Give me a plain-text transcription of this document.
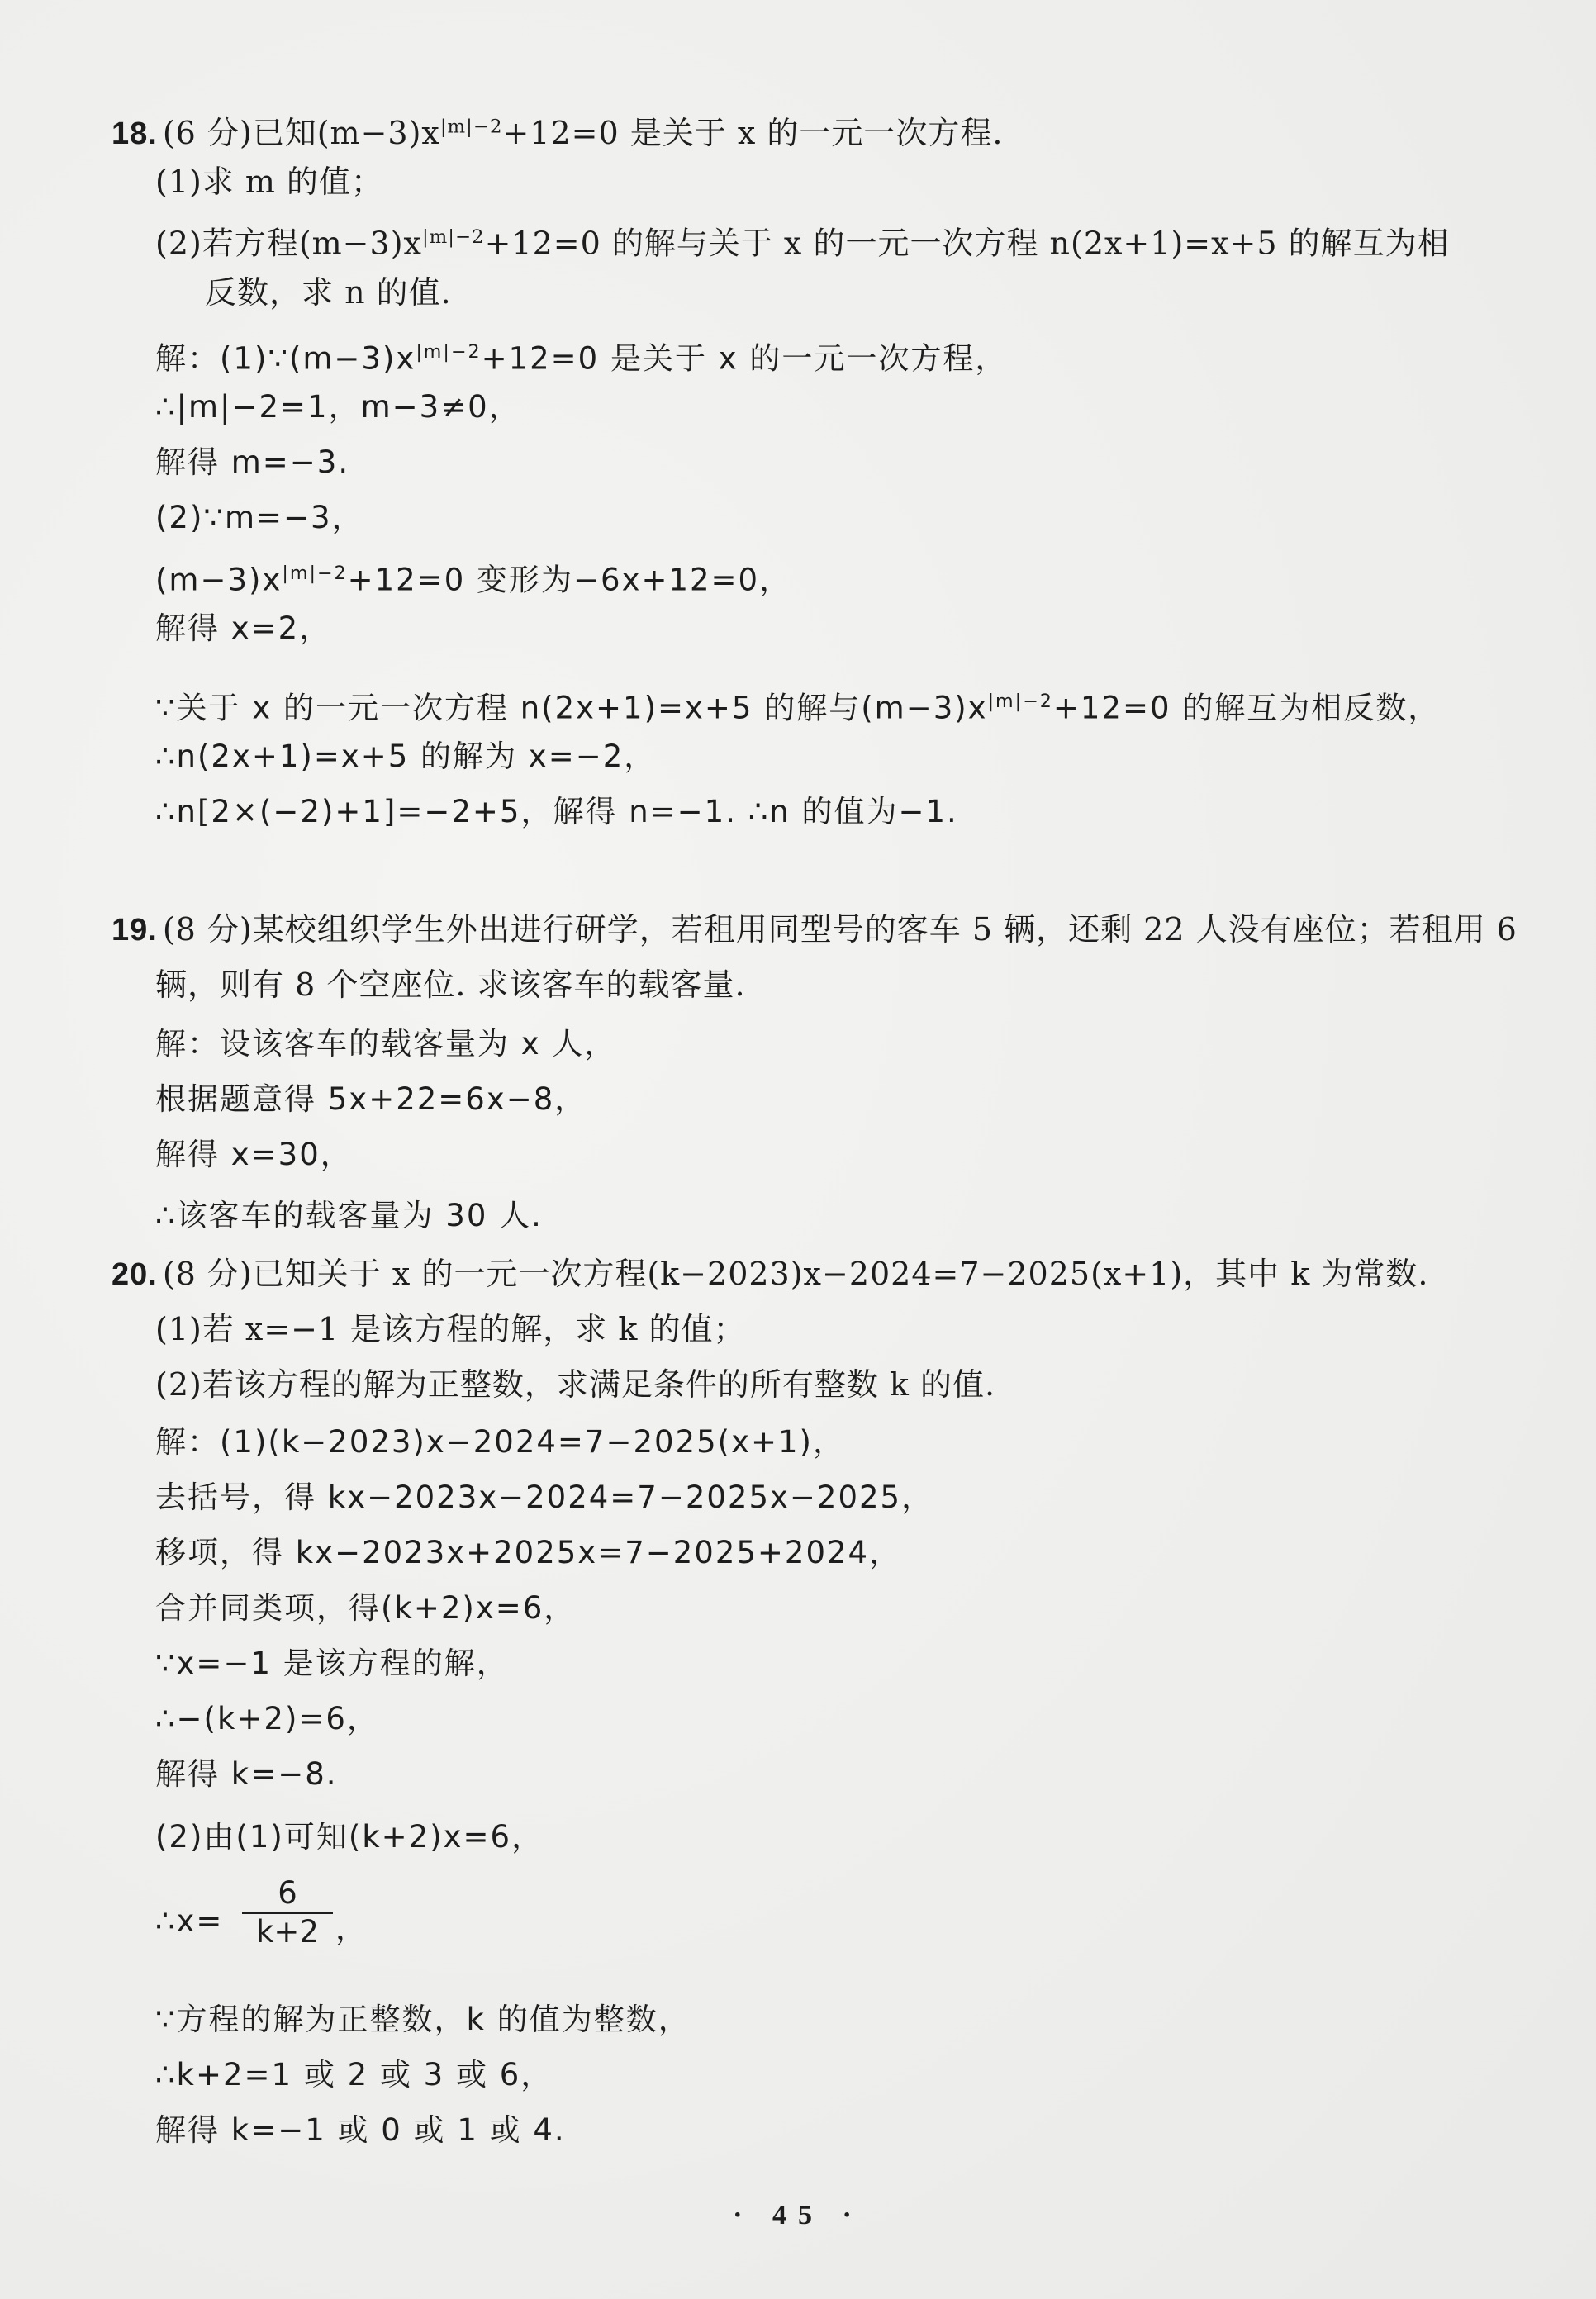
18. (6 分)已知$(m-3)x^{|m|-2}+12=0$ 是关于 x 的一元一次方程.
(1)求 m 的值；
(2)若方程$(m-3)x^{|m|-2}+12=0$ 的解与关于 x 的一元一次方程 n(2x+1)=x+5 的解互为相
反数，求 n 的值.
解：$(1)\because(m-3)x^{|m|-2}+12=0$ 是关于 x 的一元一次方程，
∴|m|−2=1，m−3≠0，
解得 m=−3.
(2)∵m=−3，
$(m-3)x^{|m|-2}+12=0$ 变形为−6x+12=0，
解得 x=2，
∵关于 x 的一元一次方程 n(2x+1)=x+5 的解与$(m-3)x^{|m|-2}+12=0$ 的解互为相反数，
∴n(2x+1)=x+5 的解为 x=−2，
∴n[2×(−2)+1]=−2+5，解得 n=−1. ∴n 的值为−1.
19. (8 分)某校组织学生外出进行研学，若租用同型号的客车 5 辆，还剩 22 人没有座位；若租用 6
辆，则有 8 个空座位. 求该客车的载客量.
解：设该客车的载客量为 x 人，
根据题意得 5x+22=6x−8，
解得 x=30，
∴该客车的载客量为 30 人.
20. (8 分)已知关于 x 的一元一次方程(k−2023)x−2024=7−2025(x+1)，其中 k 为常数.
(1)若 x=−1 是该方程的解，求 k 的值；
(2)若该方程的解为正整数，求满足条件的所有整数 k 的值.
解：(1)(k−2023)x−2024=7−2025(x+1)，
去括号，得 kx−2023x−2024=7−2025x−2025，
移项，得 kx−2023x+2025x=7−2025+2024，
合并同类项，得(k+2)x=6，
∵x=−1 是该方程的解，
∴−(k+2)=6，
解得 k=−8.
(2)由(1)可知(k+2)x=6，
∴x=
6
k+2 ，
∵方程的解为正整数，k 的值为整数，
∴k+2=1 或 2 或 3 或 6，
解得 k=−1 或 0 或 1 或 4.
· 45 ·
